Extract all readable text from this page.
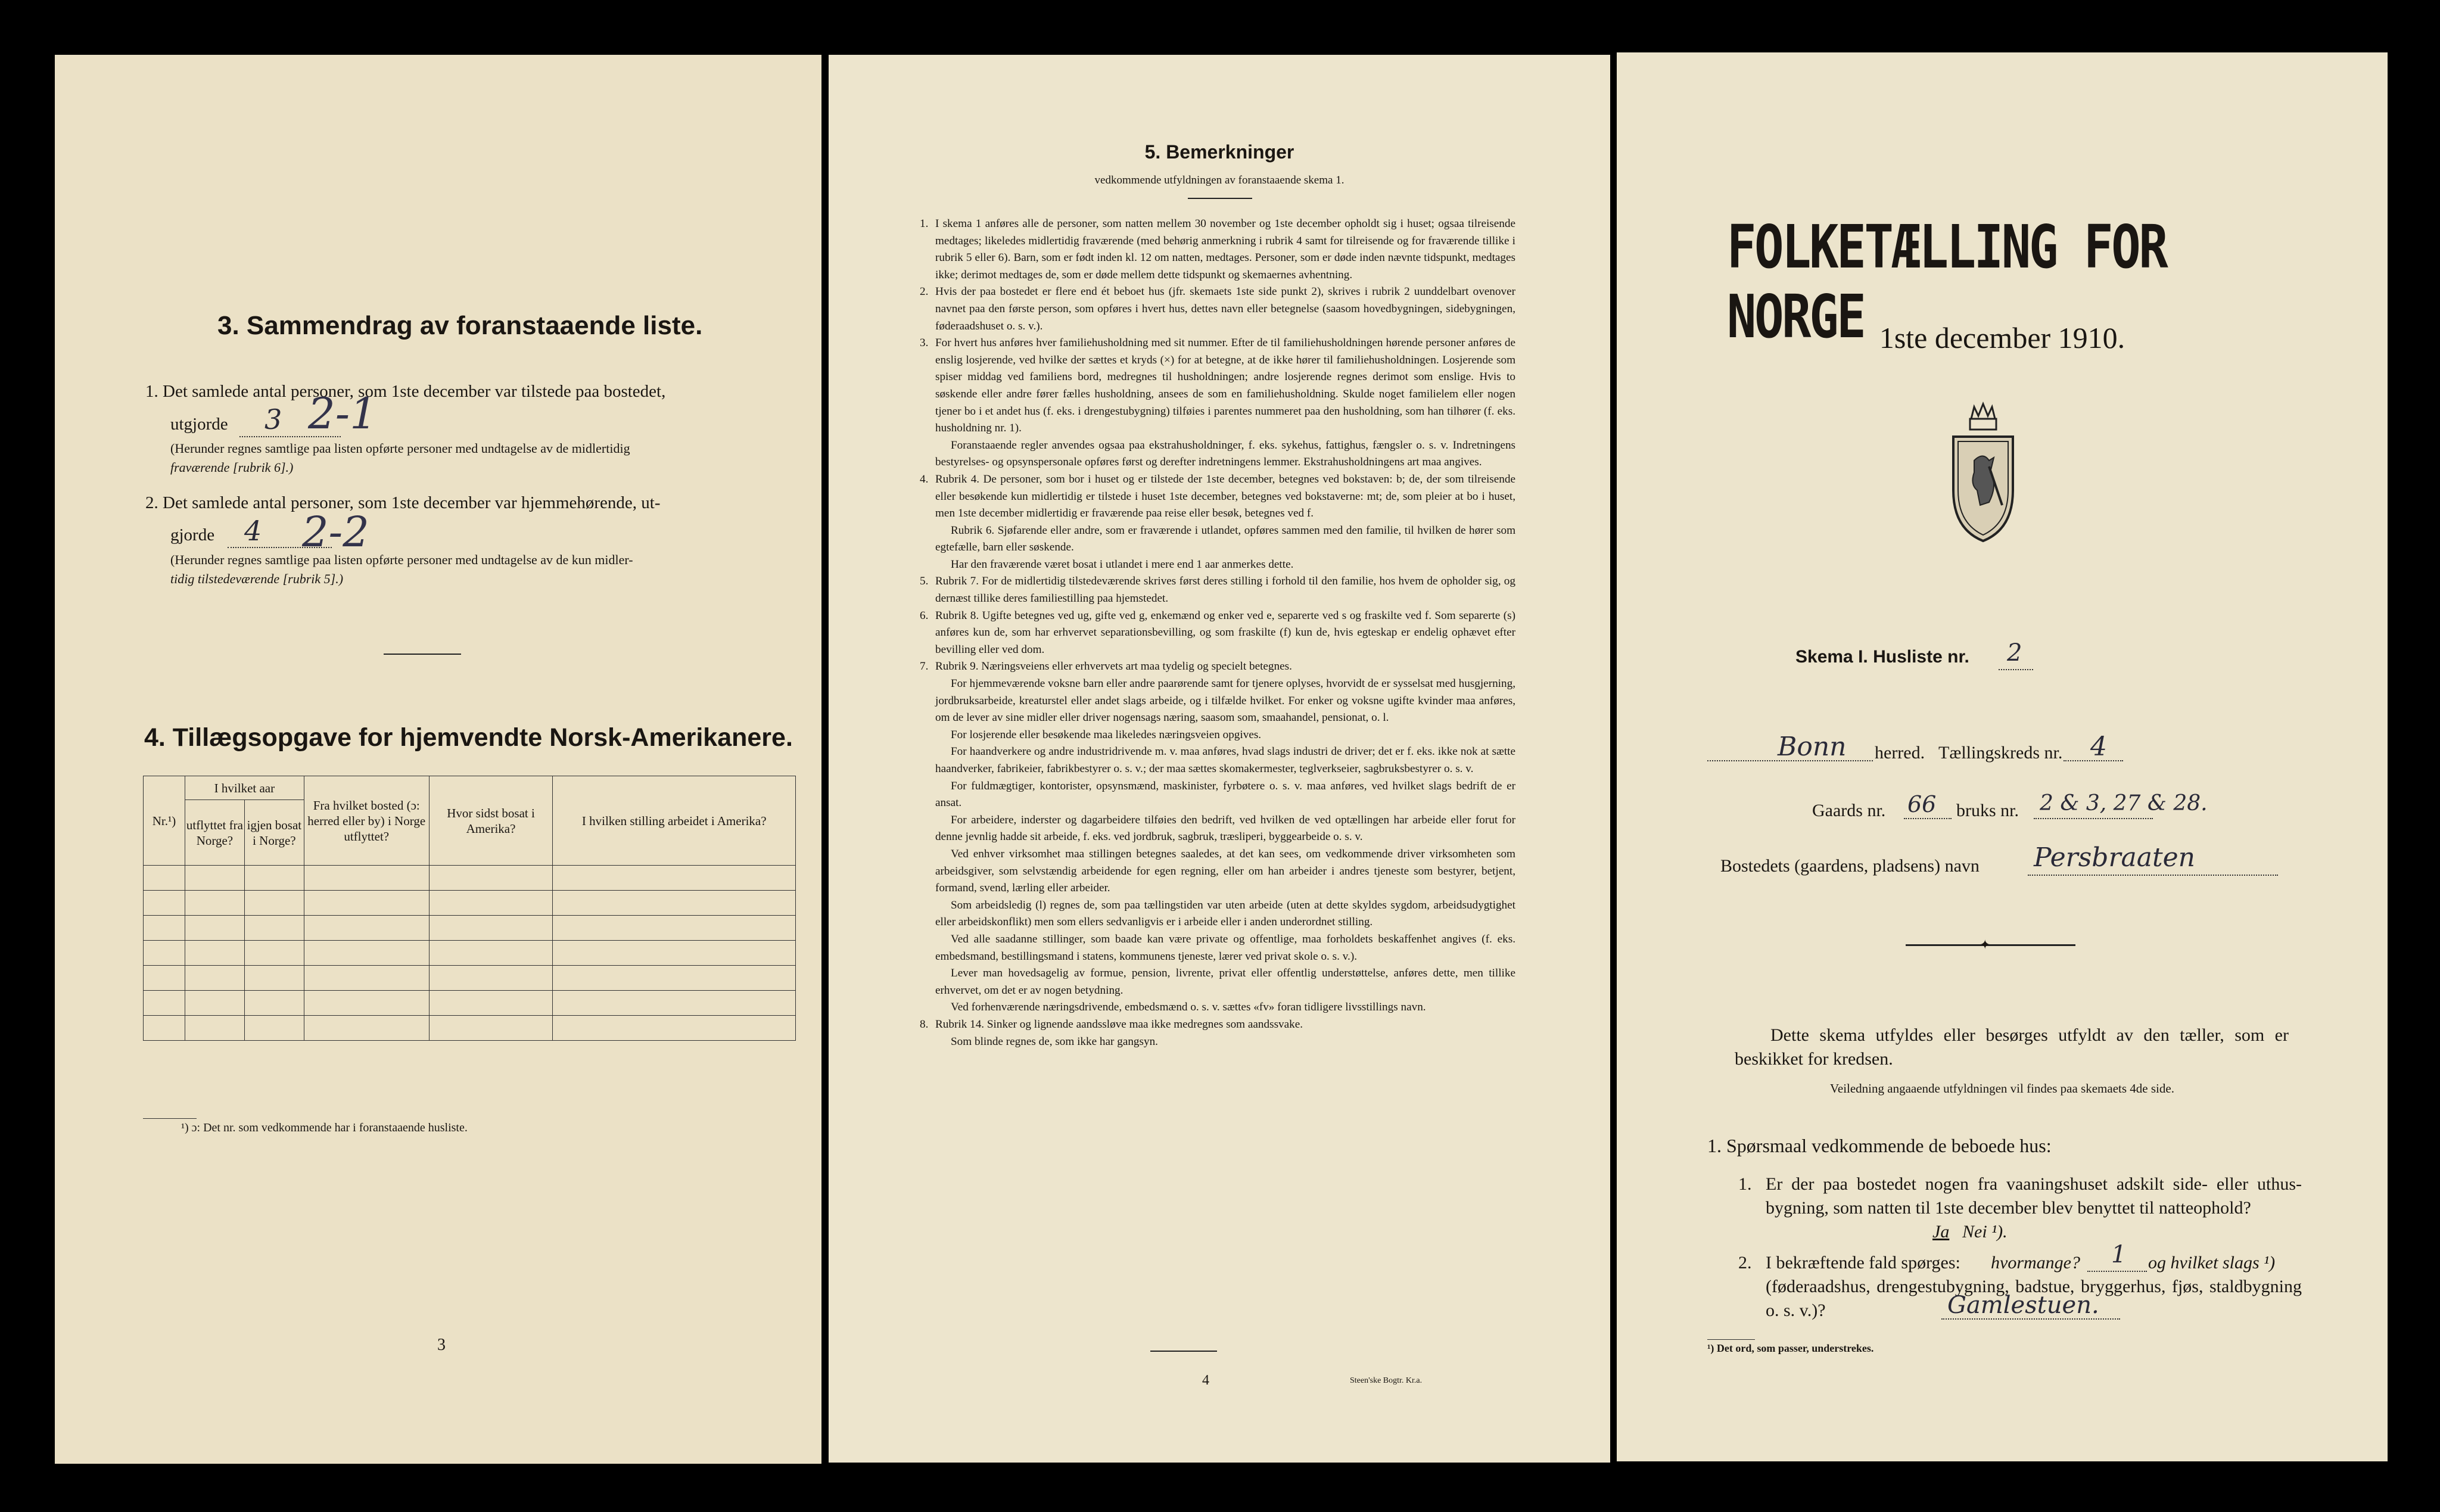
3. Sammendrag av foranstaaende liste.
1. Det samlede antal personer, som 1ste december var tilstede paa bostedet,
utgjorde 3 2-1
(Herunder regnes samtlige paa listen opførte personer med undtagelse av de midlertidig
fraværende [rubrik 6].)
2. Det samlede antal personer, som 1ste december var hjemmehørende, ut-
gjorde 4 2-2
(Herunder regnes samtlige paa listen opførte personer med undtagelse av de kun midler-
tidig tilstedeværende [rubrik 5].)
4. Tillægsopgave for hjemvendte Norsk-Amerikanere.
Nr.¹)	I hvilket aar		Fra hvilket bosted (ɔ: herred eller by) i Norge utflyttet?	Hvor sidst bosat i Amerika?	I hvilken stilling arbeidet i Amerika?
	utflyttet fra Norge?	igjen bosat i Norge?			

¹) ɔ: Det nr. som vedkommende har i foranstaaende husliste.
3
5. Bemerkninger
vedkommende utfyldningen av foranstaaende skema 1.
1. I skema 1 anføres alle de personer, som natten mellem 30 november og 1ste december opholdt sig i huset; ogsaa tilreisende medtages; likeledes midlertidig fraværende (med behørig anmerkning i rubrik 4 samt for tilreisende og for fraværende tillike i rubrik 5 eller 6). Barn, som er født inden kl. 12 om natten, medtages. Personer, som er døde inden nævnte tidspunkt, medtages ikke; derimot medtages de, som er døde mellem dette tidspunkt og skemaernes avhentning.
2. Hvis der paa bostedet er flere end ét beboet hus (jfr. skemaets 1ste side punkt 2), skrives i rubrik 2 uunddelbart ovenover navnet paa den første person, som opføres i hvert hus, dettes navn eller betegnelse (saasom hovedbygningen, sidebygningen, føderaadshuset o. s. v.).
3. For hvert hus anføres hver familiehusholdning med sit nummer. Efter de til familiehusholdningen hørende personer anføres de enslig losjerende, ved hvilke der sættes et kryds (×) for at betegne, at de ikke hører til familiehusholdningen. Losjerende som spiser middag ved familiens bord, medregnes til husholdningen; andre losjerende regnes derimot som enslige. Hvis to søskende eller andre fører fælles husholdning, ansees de som en familiehusholdning. Skulde noget familielem eller nogen tjener bo i et andet hus (f. eks. i drengestubygning) tilføies i parentes nummeret paa den husholdning, som han tilhører (f. eks. husholdning nr. 1).
Foranstaaende regler anvendes ogsaa paa ekstrahusholdninger, f. eks. sykehus, fattighus, fængsler o. s. v. Indretningens bestyrelses- og opsynspersonale opføres først og derefter indretningens lemmer. Ekstrahusholdningens art maa angives.
4. Rubrik 4. De personer, som bor i huset og er tilstede der 1ste december, betegnes ved bokstaven: b; de, der som tilreisende eller besøkende kun midlertidig er tilstede i huset 1ste december, betegnes ved bokstaverne: mt; de, som pleier at bo i huset, men 1ste december midlertidig er fraværende paa reise eller besøk, betegnes ved f.
Rubrik 6. Sjøfarende eller andre, som er fraværende i utlandet, opføres sammen med den familie, til hvilken de hører som egtefælle, barn eller søskende.
Har den fraværende været bosat i utlandet i mere end 1 aar anmerkes dette.
5. Rubrik 7. For de midlertidig tilstedeværende skrives først deres stilling i forhold til den familie, hos hvem de opholder sig, og dernæst tillike deres familiestilling paa hjemstedet.
6. Rubrik 8. Ugifte betegnes ved ug, gifte ved g, enkemænd og enker ved e, separerte ved s og fraskilte ved f. Som separerte (s) anføres kun de, som har erhvervet separationsbevilling, og som fraskilte (f) kun de, hvis egteskap er endelig ophævet efter bevilling eller ved dom.
7. Rubrik 9. Næringsveiens eller erhvervets art maa tydelig og specielt betegnes.
For hjemmeværende voksne barn eller andre paarørende samt for tjenere oplyses, hvorvidt de er sysselsat med husgjerning, jordbruksarbeide, kreaturstel eller andet slags arbeide, og i tilfælde hvilket. For enker og voksne ugifte kvinder maa anføres, om de lever av sine midler eller driver nogensags næring, saasom som, smaahandel, pensionat, o. l.
For losjerende eller besøkende maa likeledes næringsveien opgives.
For haandverkere og andre industridrivende m. v. maa anføres, hvad slags industri de driver; det er f. eks. ikke nok at sætte haandverker, fabrikeier, fabrikbestyrer o. s. v.; der maa sættes skomakermester, teglverkseier, sagbruksbestyrer o. s. v.
For fuldmægtiger, kontorister, opsynsmænd, maskinister, fyrbøtere o. s. v. maa anføres, ved hvilket slags bedrift de er ansat.
For arbeidere, inderster og dagarbeidere tilføies den bedrift, ved hvilken de ved optællingen har arbeide eller forut for denne jevnlig hadde sit arbeide, f. eks. ved jordbruk, sagbruk, træsliperi, byggearbeide o. s. v.
Ved enhver virksomhet maa stillingen betegnes saaledes, at det kan sees, om vedkommende driver virksomheten som arbeidsgiver, som selvstændig arbeidende for egen regning, eller om han arbeider i andres tjeneste som bestyrer, betjent, formand, svend, lærling eller arbeider.
Som arbeidsledig (l) regnes de, som paa tællingstiden var uten arbeide (uten at dette skyldes sygdom, arbeidsudygtighet eller arbeidskonflikt) men som ellers sedvanligvis er i arbeide eller i anden underordnet stilling.
Ved alle saadanne stillinger, som baade kan være private og offentlige, maa forholdets beskaffenhet angives (f. eks. embedsmand, bestillingsmand i statens, kommunens tjeneste, lærer ved privat skole o. s. v.).
Lever man hovedsagelig av formue, pension, livrente, privat eller offentlig understøttelse, anføres dette, men tillike erhvervet, om det er av nogen betydning.
Ved forhenværende næringsdrivende, embedsmænd o. s. v. sættes «fv» foran tidligere livsstillings navn.
8. Rubrik 14. Sinker og lignende aandssløve maa ikke medregnes som aandssvake.
Som blinde regnes de, som ikke har gangsyn.
4	Steen'ske Bogtr. Kr.a.
FOLKETÆLLING FOR NORGE 1ste december 1910.
Skema I. Husliste nr. 2
Bonn herred. Tællingskreds nr. 4
Gaards nr. 66 bruks nr. 2 & 3, 27 & 28.
Bostedets (gaardens, pladsens) navn Persbraaten
✦
Dette skema utfyldes eller besørges utfyldt av den tæller, som er beskikket for kredsen.
Veiledning angaaende utfyldningen vil findes paa skemaets 4de side.
1. Spørsmaal vedkommende de beboede hus:
1. Er der paa bostedet nogen fra vaaningshuset adskilt side- eller uthus-bygning, som natten til 1ste december blev benyttet til natteophold?
Ja Nei ¹).
2. I bekræftende fald spørges: hvormange? 1 og hvilket slags ¹)
(føderaadshus, drengestubygning, badstue, bryggerhus, fjøs, staldbygning o. s. v.)?	Gamlestuen.
¹) Det ord, som passer, understrekes.
